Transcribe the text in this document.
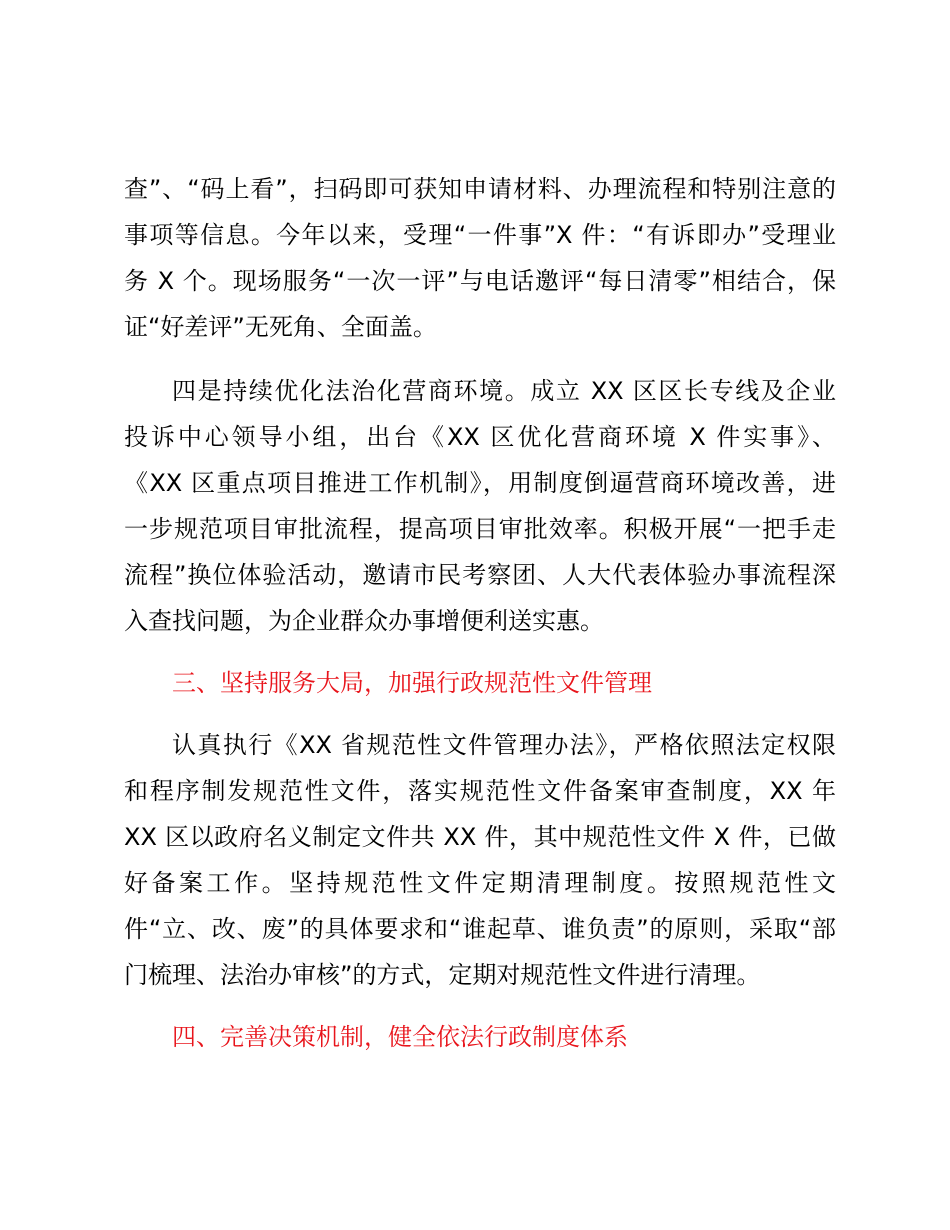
查”、“码上看”，扫码即可获知申请材料、办理流程和特别注意的
事项等信息。今年以来，受理“一件事”X 件：“有诉即办”受理业
务 X 个。现场服务“一次一评”与电话邀评“每日清零”相结合，保
证“好差评”无死角、全面盖。
四是持续优化法治化营商环境。成立 XX 区区长专线及企业
投诉中心领导小组，出台《XX 区优化营商环境 X 件实事》、
《XX 区重点项目推进工作机制》，用制度倒逼营商环境改善，进
一步规范项目审批流程，提高项目审批效率。积极开展“一把手走
流程”换位体验活动，邀请市民考察团、人大代表体验办事流程深
入查找问题，为企业群众办事增便利送实惠。
三、坚持服务大局，加强行政规范性文件管理
认真执行《XX 省规范性文件管理办法》，严格依照法定权限
和程序制发规范性文件，落实规范性文件备案审查制度，XX 年
XX 区以政府名义制定文件共 XX 件，其中规范性文件 X 件，已做
好备案工作。坚持规范性文件定期清理制度。按照规范性文
件“立、改、废”的具体要求和“谁起草、谁负责”的原则，采取“部
门梳理、法治办审核”的方式，定期对规范性文件进行清理。
四、完善决策机制，健全依法行政制度体系
